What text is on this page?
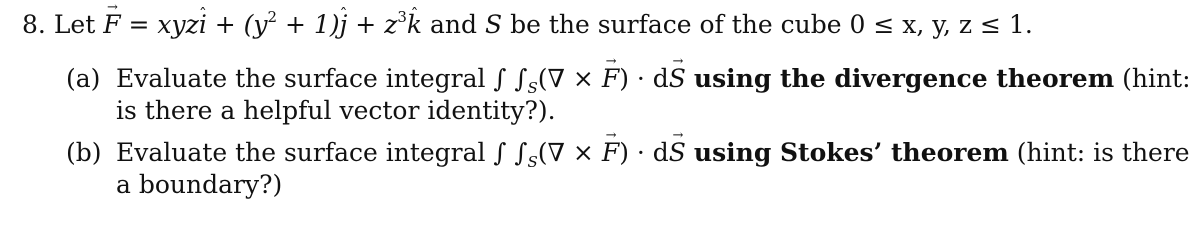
8. Let → F = xyzˆ $i + (y^2$ + 1)ˆ $j + z^3ˆ$ k and S be the surface of the cube 0 ≤ x, y, z ≤ 1.
(a) Evaluate the surface integral ∫ $\int_S(\nabla$ × → F) · d→ S using the divergence theorem (hint:
is there a helpful vector identity?).
(b) Evaluate the surface integral ∫ $\int_S(\nabla$ × → F) · d→ S using Stokes’ theorem (hint: is there
a boundary?)
